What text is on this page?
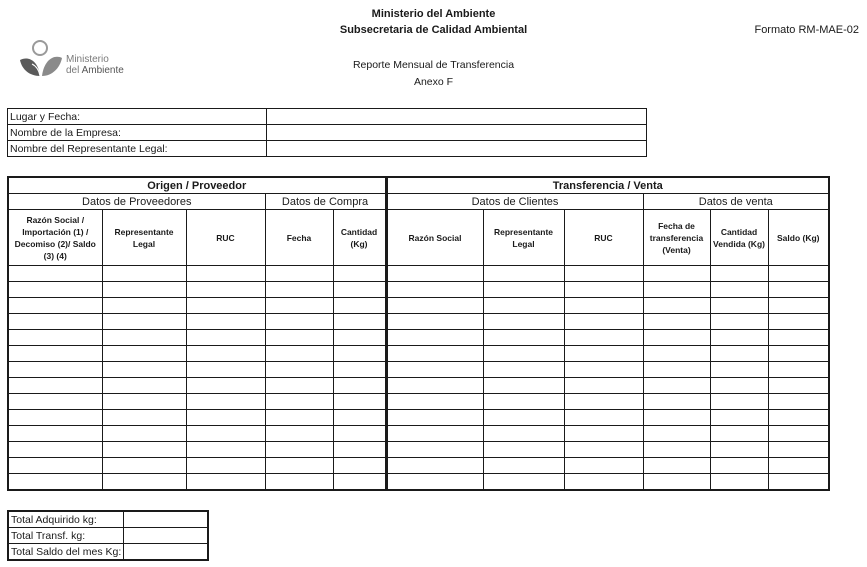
Ministerio del Ambiente
Subsecretaria de Calidad Ambiental
Reporte Mensual de Transferencia
Anexo F
Formato RM-MAE-02
Ministerio
del Ambiente
Lugar y Fecha:	
Nombre de la Empresa:	
Nombre del Representante Legal:	
Origen / Proveedor					Transferencia / Venta					
Datos de Proveedores			Datos de Compra		Datos de Clientes			Datos de venta		
Razón Social / Importación (1) / Decomiso (2)/ Saldo (3) (4)	Representante Legal	RUC	Fecha	Cantidad (Kg)	Razón Social	Representante Legal	RUC	Fecha de transferencia (Venta)	Cantidad Vendida (Kg)	Saldo (Kg)

Total Adquirido kg:	
Total Transf. kg:	
Total Saldo del mes Kg:	
